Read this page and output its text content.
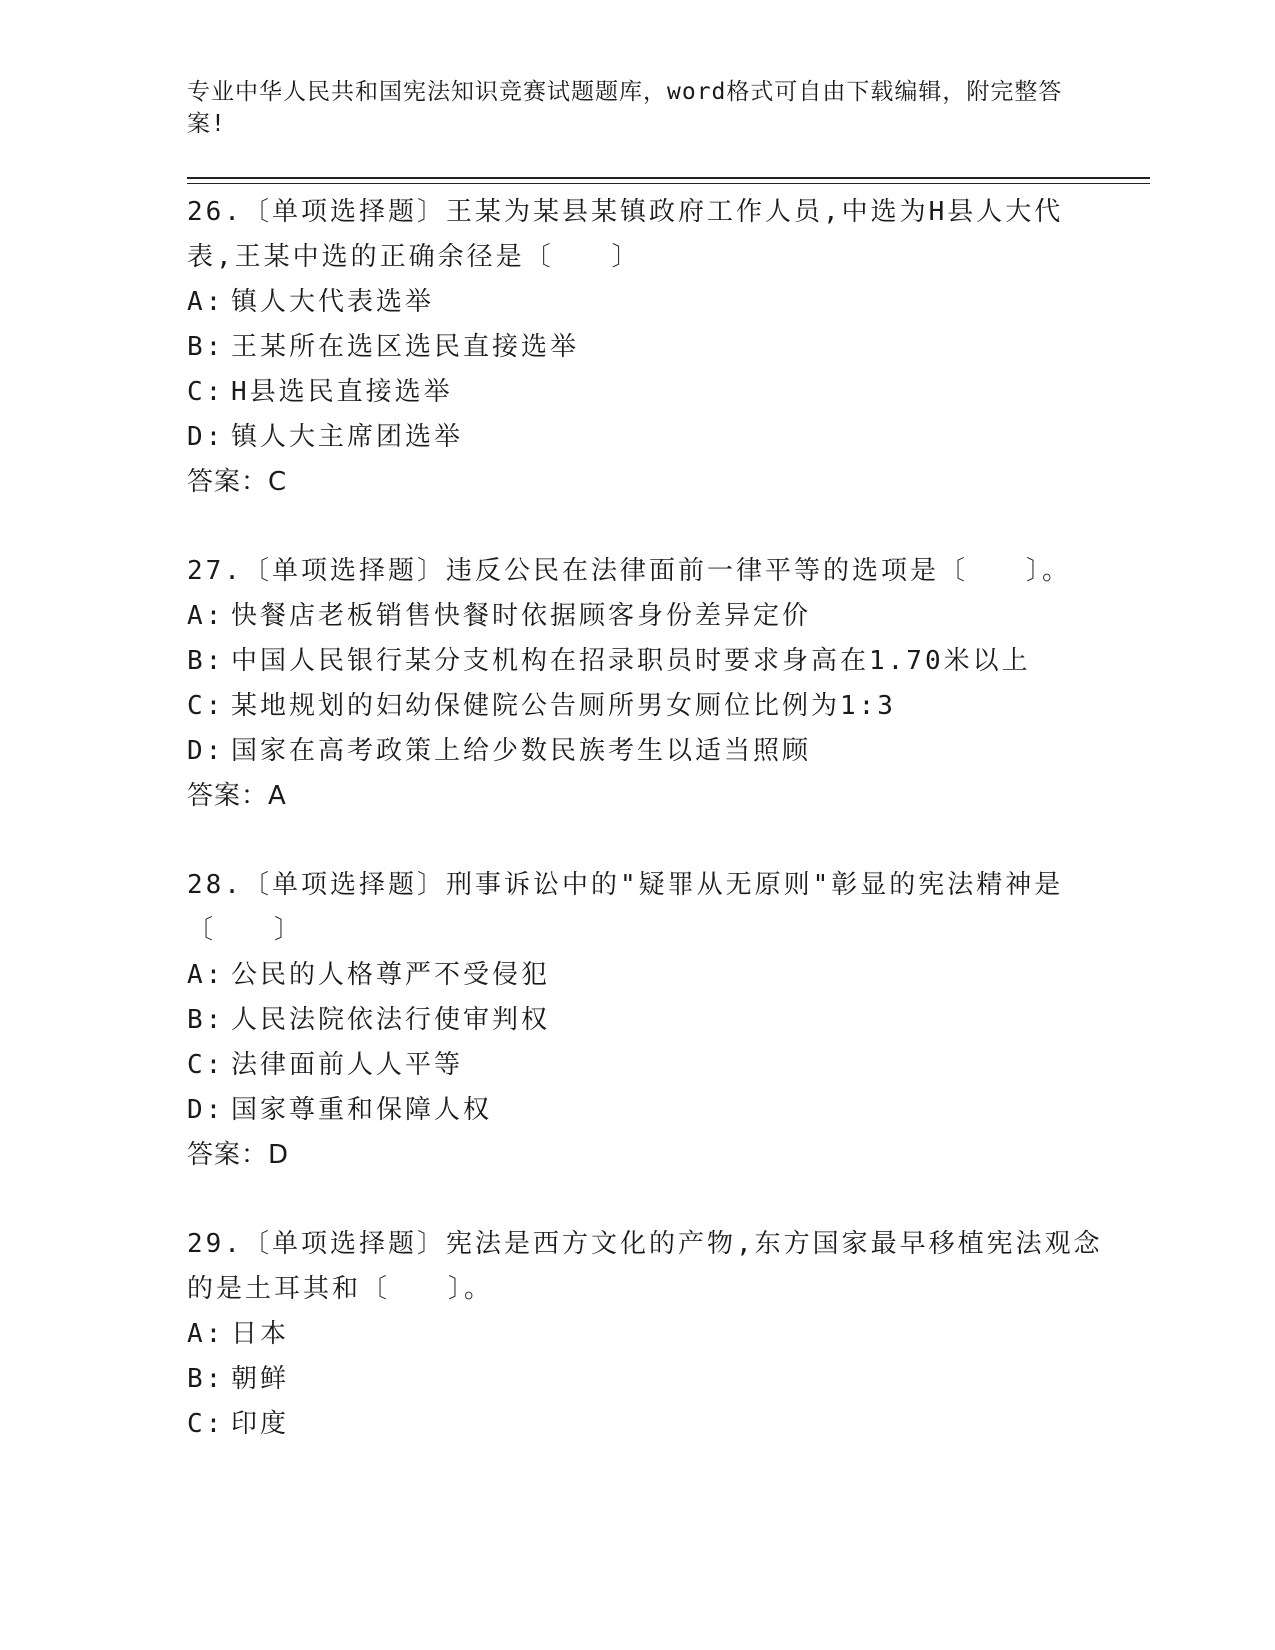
专业中华人民共和国宪法知识竞赛试题题库，word格式可自由下载编辑，附完整答案!

26.〔单项选择题〕王某为某县某镇政府工作人员,中选为H县人大代表,王某中选的正确余径是〔　　〕

A: 镇人大代表选举

B: 王某所在选区选民直接选举

C: H县选民直接选举

D: 镇人大主席团选举

答案：C

27.〔单项选择题〕违反公民在法律面前一律平等的选项是〔　　〕。

A: 快餐店老板销售快餐时依据顾客身份差异定价

B: 中国人民银行某分支机构在招录职员时要求身高在1.70米以上

C: 某地规划的妇幼保健院公告厕所男女厕位比例为1:3

D: 国家在高考政策上给少数民族考生以适当照顾

答案：A

28.〔单项选择题〕刑事诉讼中的"疑罪从无原则"彰显的宪法精神是〔　　〕

A: 公民的人格尊严不受侵犯

B: 人民法院依法行使审判权

C: 法律面前人人平等

D: 国家尊重和保障人权

答案：D

29.〔单项选择题〕宪法是西方文化的产物,东方国家最早移植宪法观念的是土耳其和〔　　〕。

A: 日本

B: 朝鲜

C: 印度
